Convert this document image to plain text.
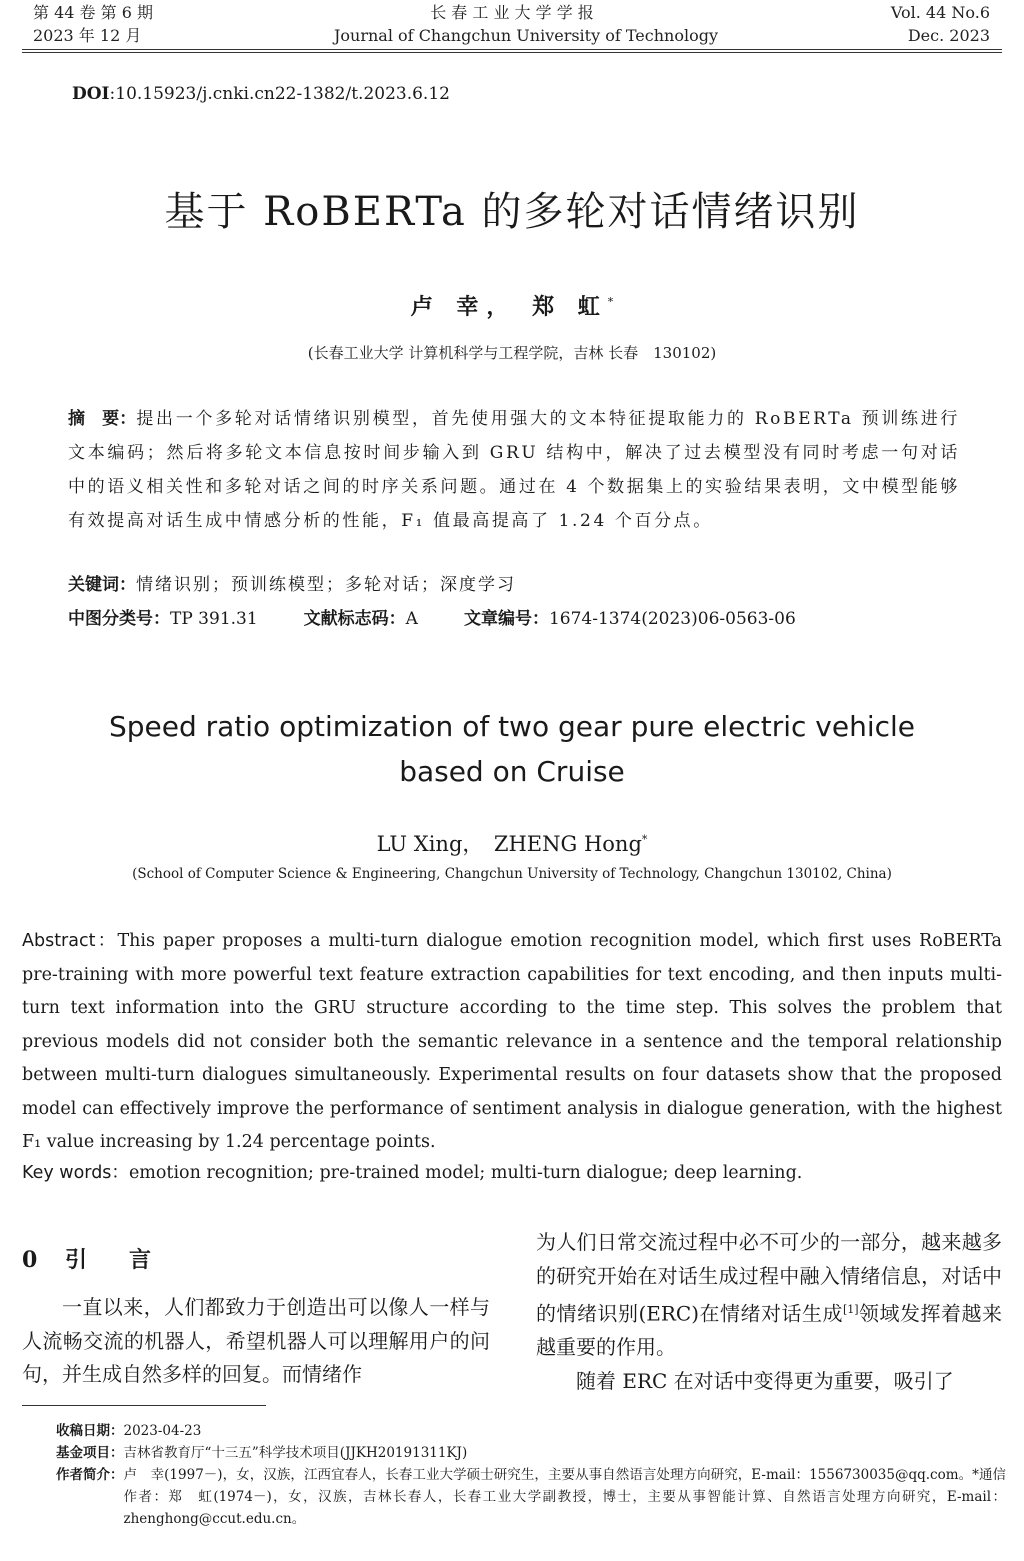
第 44 卷 第 6 期
2023 年 12 月
长 春 工 业 大 学 学 报
Journal of Changchun University of Technology
Vol. 44 No.6
Dec. 2023
DOI:10.15923/j.cnki.cn22-1382/t.2023.6.12
基于 RoBERTa 的多轮对话情绪识别
卢 幸， 郑 虹*
(长春工业大学 计算机科学与工程学院，吉林 长春　130102)
摘　要：提出一个多轮对话情绪识别模型，首先使用强大的文本特征提取能力的 RoBERTa 预训练进行文本编码；然后将多轮文本信息按时间步输入到 GRU 结构中，解决了过去模型没有同时考虑一句对话中的语义相关性和多轮对话之间的时序关系问题。通过在 4 个数据集上的实验结果表明，文中模型能够有效提高对话生成中情感分析的性能，F₁ 值最高提高了 1.24 个百分点。
关键词：情绪识别；预训练模型；多轮对话；深度学习
中图分类号：TP 391.31	文献标志码：A	文章编号：1674-1374(2023)06-0563-06
Speed ratio optimization of two gear pure electric vehicle
based on Cruise
LU Xing，　ZHENG Hong*
(School of Computer Science & Engineering, Changchun University of Technology, Changchun 130102, China)
Abstract：This paper proposes a multi-turn dialogue emotion recognition model, which first uses RoBERTa pre-training with more powerful text feature extraction capabilities for text encoding, and then inputs multi-turn text information into the GRU structure according to the time step. This solves the problem that previous models did not consider both the semantic relevance in a sentence and the temporal relationship between multi-turn dialogues simultaneously. Experimental results on four datasets show that the proposed model can effectively improve the performance of sentiment analysis in dialogue generation, with the highest F₁ value increasing by 1.24 percentage points.
Key words：emotion recognition; pre-trained model; multi-turn dialogue; deep learning.
0 引　言
一直以来，人们都致力于创造出可以像人一样与人流畅交流的机器人，希望机器人可以理解用户的问句，并生成自然多样的回复。而情绪作
为人们日常交流过程中必不可少的一部分，越来越多的研究开始在对话生成过程中融入情绪信息，对话中的情绪识别(ERC)在情绪对话生成[1]领域发挥着越来越重要的作用。
随着 ERC 在对话中变得更为重要，吸引了
收稿日期： 2023-04-23
基金项目： 吉林省教育厅“十三五”科学技术项目(JJKH20191311KJ)
作者简介： 卢　幸(1997－)，女，汉族，江西宜春人，长春工业大学硕士研究生，主要从事自然语言处理方向研究，E-mail：1556730035@qq.com。*通信作者：郑　虹(1974－)，女，汉族，吉林长春人，长春工业大学副教授，博士，主要从事智能计算、自然语言处理方向研究，E-mail：zhenghong@ccut.edu.cn。
